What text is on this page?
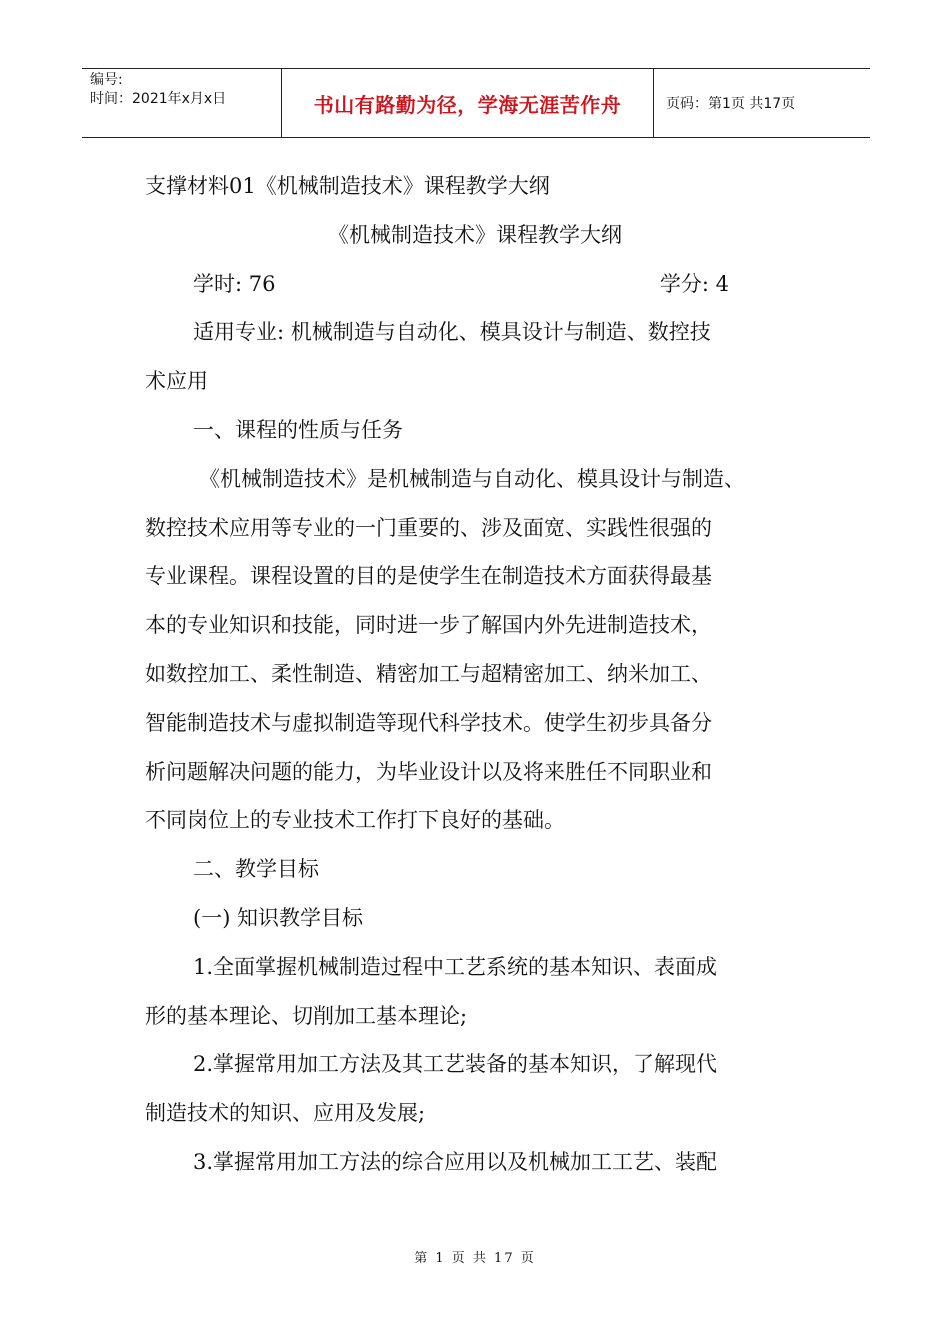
编号:
时间：2021年x月x日	书山有路勤为径，学海无涯苦作舟	页码：第1页 共17页
支撑材料01《机械制造技术》课程教学大纲
《机械制造技术》课程教学大纲
学时: 76	学分: 4
适用专业: 机械制造与自动化、模具设计与制造、数控技
术应用
一、课程的性质与任务
《机械制造技术》是机械制造与自动化、模具设计与制造、
数控技术应用等专业的一门重要的、涉及面宽、实践性很强的
专业课程。课程设置的目的是使学生在制造技术方面获得最基
本的专业知识和技能，同时进一步了解国内外先进制造技术，
如数控加工、柔性制造、精密加工与超精密加工、纳米加工、
智能制造技术与虚拟制造等现代科学技术。使学生初步具备分
析问题解决问题的能力，为毕业设计以及将来胜任不同职业和
不同岗位上的专业技术工作打下良好的基础。
二、教学目标
(一) 知识教学目标
1.全面掌握机械制造过程中工艺系统的基本知识、表面成
形的基本理论、切削加工基本理论;
2.掌握常用加工方法及其工艺装备的基本知识，了解现代
制造技术的知识、应用及发展;
3.掌握常用加工方法的综合应用以及机械加工工艺、装配
第 1 页 共 17 页
